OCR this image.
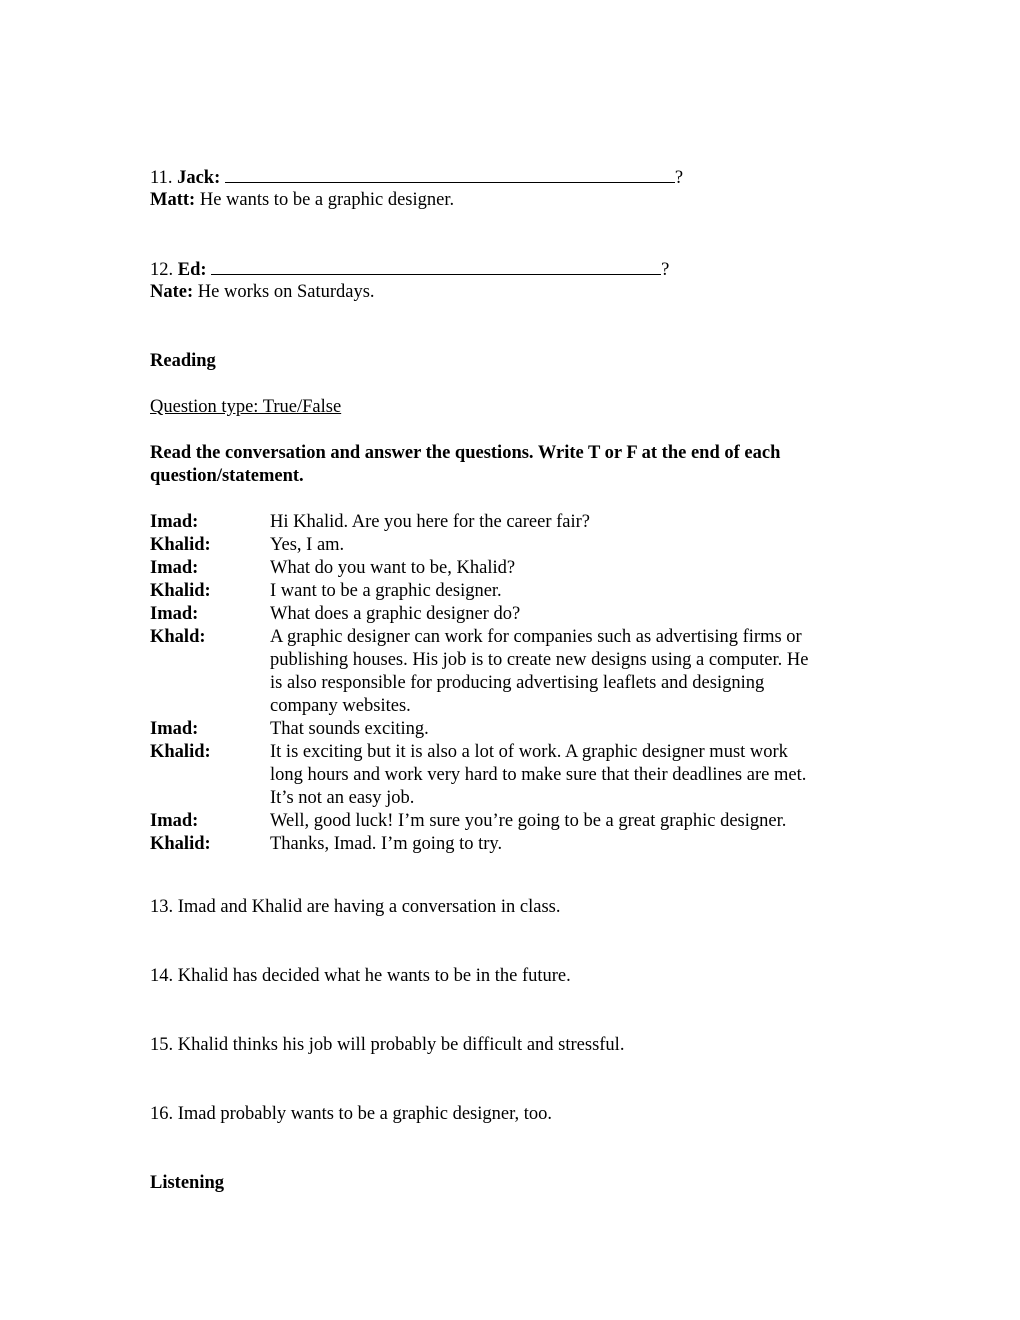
11. Jack:	?
Matt: He wants to be a graphic designer.
12. Ed:	?
Nate: He works on Saturdays.
Reading
Question type: True/False
Read the conversation and answer the questions. Write T or F at the end of each
question/statement.
Imad:	Hi Khalid. Are you here for the career fair?
Khalid:	Yes, I am.
Imad:	What do you want to be, Khalid?
Khalid:	I want to be a graphic designer.
Imad:	What does a graphic designer do?
Khald:	A graphic designer can work for companies such as advertising firms or
publishing houses. His job is to create new designs using a computer. He
is also responsible for producing advertising leaflets and designing
company websites.
Imad:	That sounds exciting.
Khalid:	It is exciting but it is also a lot of work. A graphic designer must work
long hours and work very hard to make sure that their deadlines are met.
It’s not an easy job.
Imad:	Well, good luck! I’m sure you’re going to be a great graphic designer.
Khalid:	Thanks, Imad. I’m going to try.
13. Imad and Khalid are having a conversation in class.
14. Khalid has decided what he wants to be in the future.
15. Khalid thinks his job will probably be difficult and stressful.
16. Imad probably wants to be a graphic designer, too.
Listening
